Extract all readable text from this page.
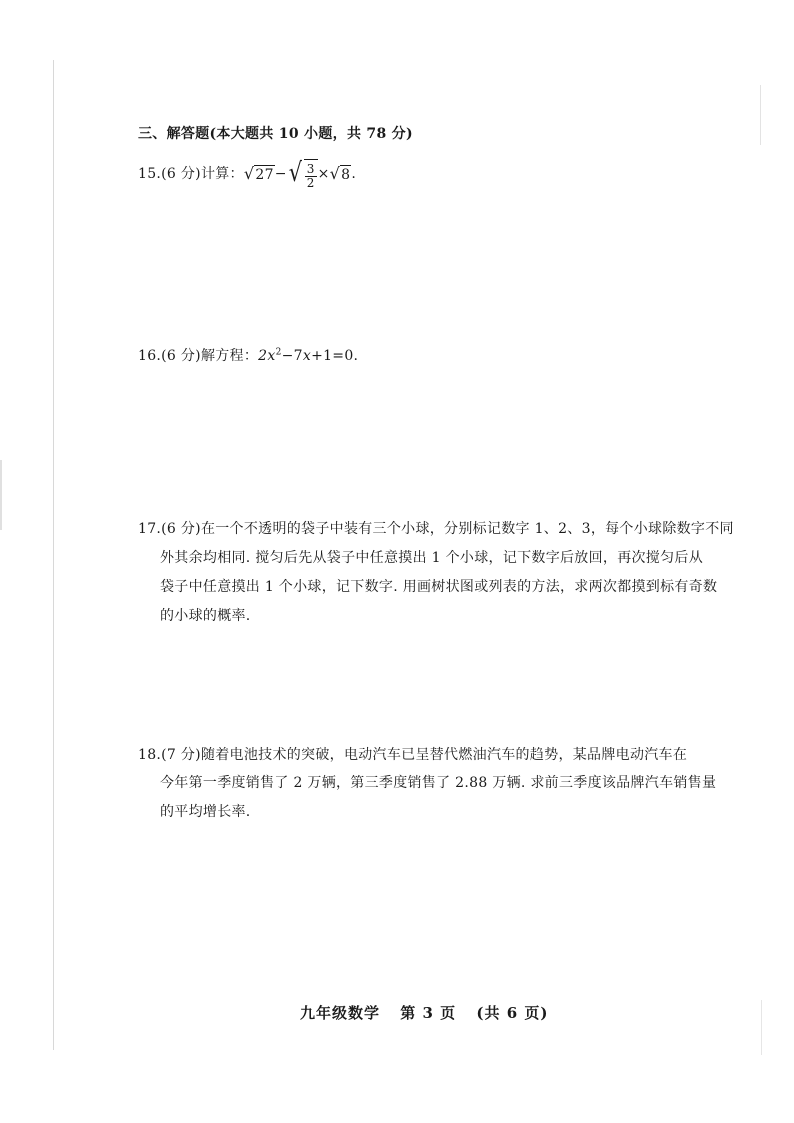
三、解答题(本大题共 10 小题，共 78 分)
15.(6 分)计算： √ 27 − √ $\frac{3}{2}$ × √ 8 .
16.(6 分)解方程：$2x^2-7x+1=0$.
17.(6 分)在一个不透明的袋子中装有三个小球，分别标记数字 1、2、3，每个小球除数字不同
外其余均相同. 搅匀后先从袋子中任意摸出 1 个小球，记下数字后放回，再次搅匀后从
袋子中任意摸出 1 个小球，记下数字. 用画树状图或列表的方法，求两次都摸到标有奇数
的小球的概率.
18.(7 分)随着电池技术的突破，电动汽车已呈替代燃油汽车的趋势，某品牌电动汽车在
今年第一季度销售了 2 万辆，第三季度销售了 2.88 万辆. 求前三季度该品牌汽车销售量
的平均增长率.
九年级数学 第 3 页 (共 6 页)
